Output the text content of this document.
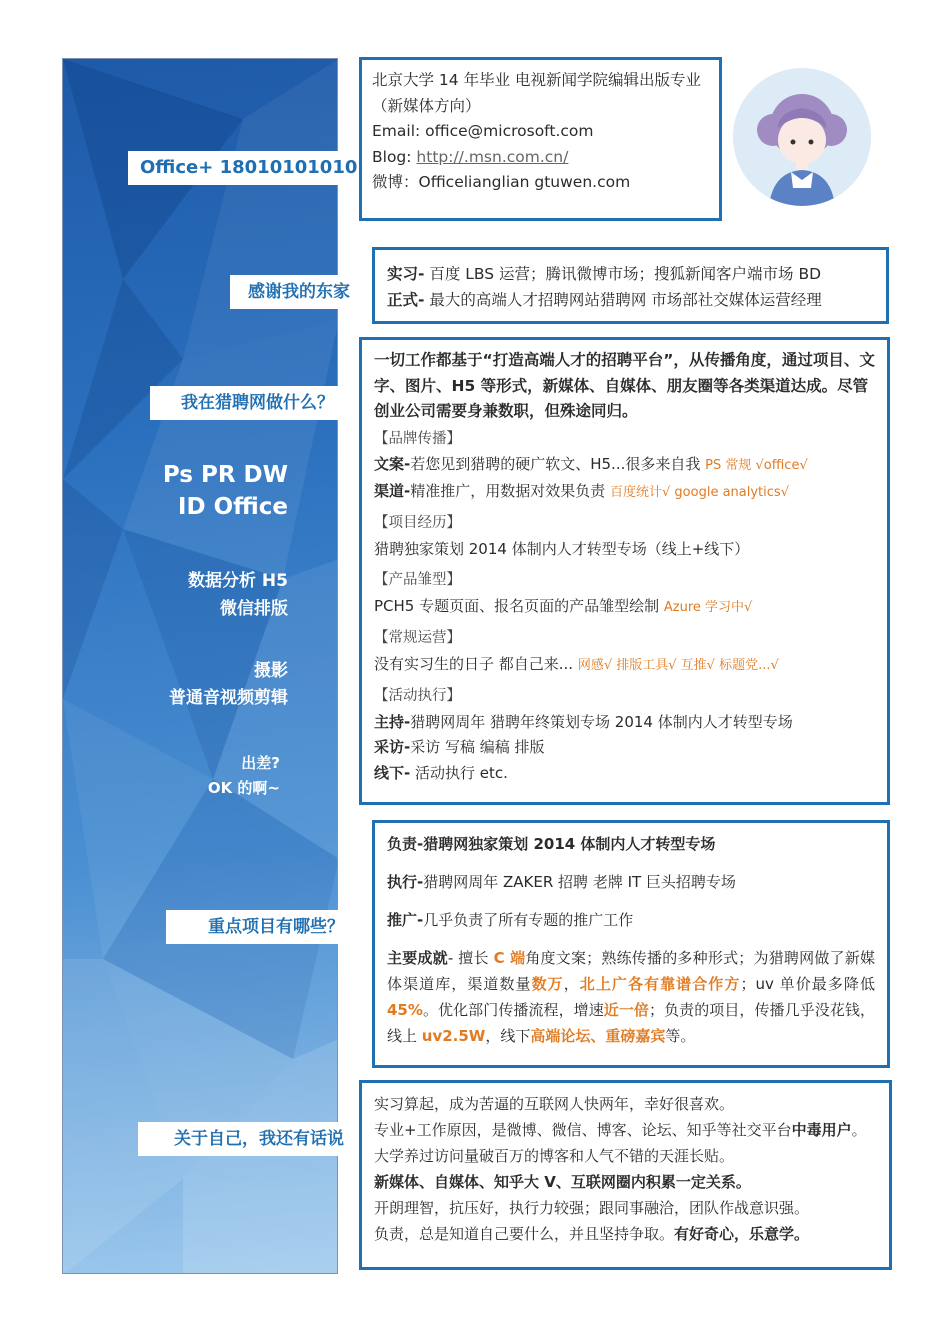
Office+ 18010101010
感谢我的东家
我在猎聘网做什么？
重点项目有哪些？
关于自己，我还有话说
Ps PR DW
ID Office
数据分析 H5
微信排版
摄影
普通音视频剪辑
出差?
OK 的啊~
北京大学 14 年毕业 电视新闻学院编辑出版专业（新媒体方向）
Email: office@microsoft.com
Blog: http://.msn.com.cn/
微博：Officelianglian gtuwen.com
实习- 百度 LBS 运营；腾讯微博市场；搜狐新闻客户端市场 BD
正式- 最大的高端人才招聘网站猎聘网 市场部社交媒体运营经理
一切工作都基于“打造高端人才的招聘平台”，从传播角度，通过项目、文字、图片、H5 等形式，新媒体、自媒体、朋友圈等各类渠道达成。尽管创业公司需要身兼数职，但殊途同归。
【品牌传播】
文案-若您见到猎聘的硬广软文、H5...很多来自我 PS 常规 √office√
渠道-精准推广，用数据对效果负责 百度统计√ google analytics√
【项目经历】
猎聘独家策划 2014 体制内人才转型专场（线上+线下）
【产品雏型】
PCH5 专题页面、报名页面的产品雏型绘制 Azure 学习中√
【常规运营】
没有实习生的日子 都自己来... 网感√ 排版工具√ 互推√ 标题党...√
【活动执行】
主持-猎聘网周年 猎聘年终策划专场 2014 体制内人才转型专场
采访-采访 写稿 编稿 排版
线下- 活动执行 etc.
负责-猎聘网独家策划 2014 体制内人才转型专场
执行-猎聘网周年 ZAKER 招聘 老牌 IT 巨头招聘专场
推广-几乎负责了所有专题的推广工作
主要成就- 擅长 C 端角度文案；熟练传播的多种形式；为猎聘网做了新媒体渠道库，渠道数量数万，北上广各有靠谱合作方；uv 单价最多降低 45%。优化部门传播流程，增速近一倍；负责的项目，传播几乎没花钱，线上 uv2.5W，线下高端论坛、重磅嘉宾等。
实习算起，成为苦逼的互联网人快两年，幸好很喜欢。
专业+工作原因，是微博、微信、博客、论坛、知乎等社交平台中毒用户。大学养过访问量破百万的博客和人气不错的天涯长贴。
新媒体、自媒体、知乎大 V、互联网圈内积累一定关系。
开朗理智，抗压好，执行力较强；跟同事融洽，团队作战意识强。
负责，总是知道自己要什么，并且坚持争取。有好奇心，乐意学。
